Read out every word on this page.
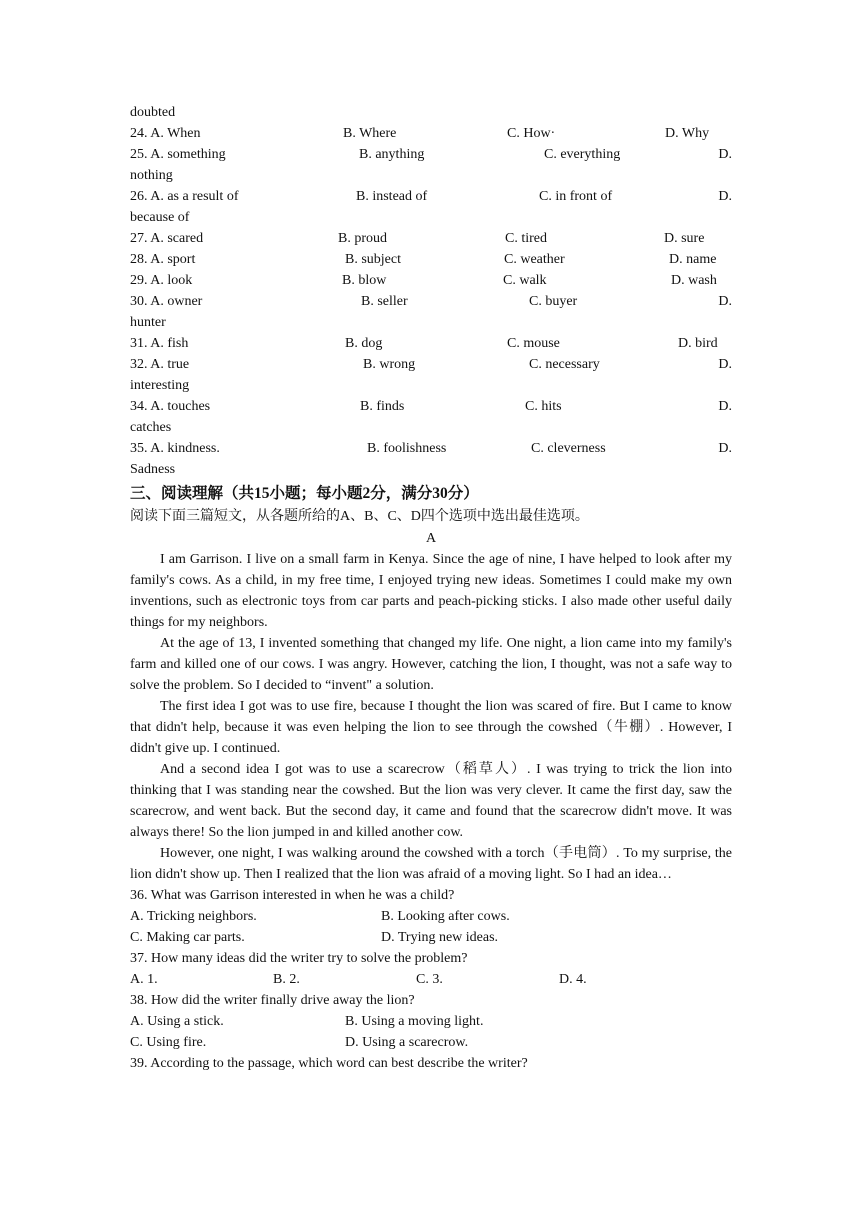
doubted
24. A. When	B. Where	C. How·	D. Why
25. A. something	B. anything	C. everything	D.
nothing
26. A. as a result of	B. instead of	C. in front of	D.
because of
27. A. scared	B. proud	C. tired	D. sure
28. A. sport	B. subject	C. weather	D. name
29. A. look	B. blow	C. walk	D. wash
30. A. owner	B. seller	C. buyer	D.
hunter
31. A. fish	B. dog	C. mouse	D. bird
32. A. true	B. wrong	C. necessary	D.
interesting
34. A. touches	B. finds	C. hits	D.
catches
35. A. kindness.	B. foolishness	C. cleverness	D.
Sadness
三、阅读理解（共15小题；每小题2分，满分30分）
阅读下面三篇短文，从各题所给的A、B、C、D四个选项中选出最佳选项。
A

I am Garrison. I live on a small farm in Kenya. Since the age of nine, I have helped to look after my family's cows. As a child, in my free time, I enjoyed trying new ideas. Sometimes I could make my own inventions, such as electronic toys from car parts and peach-picking sticks. I also made other useful daily things for my neighbors.

At the age of 13, I invented something that changed my life. One night, a lion came into my family's farm and killed one of our cows. I was angry. However, catching the lion, I thought, was not a safe way to solve the problem. So I decided to “invent" a solution.

The first idea I got was to use fire, because I thought the lion was scared of fire. But I came to know that didn't help, because it was even helping the lion to see through the cowshed（牛棚）. However, I didn't give up. I continued.

And a second idea I got was to use a scarecrow（稻草人）. I was trying to trick the lion into thinking that I was standing near the cowshed. But the lion was very clever. It came the first day, saw the scarecrow, and went back. But the second day, it came and found that the scarecrow didn't move. It was always there! So the lion jumped in and killed another cow.

However, one night, I was walking around the cowshed with a torch（手电筒）. To my surprise, the lion didn't show up. Then I realized that the lion was afraid of a moving light. So I had an idea…

36. What was Garrison interested in when he was a child?
A. Tricking neighbors.	B. Looking after cows.
C. Making car parts.	D. Trying new ideas.
37. How many ideas did the writer try to solve the problem?
A. 1.	B. 2.	C. 3.	D. 4.
38. How did the writer finally drive away the lion?
A. Using a stick.	B. Using a moving light.
C. Using fire.	D. Using a scarecrow.
39. According to the passage, which word can best describe the writer?
